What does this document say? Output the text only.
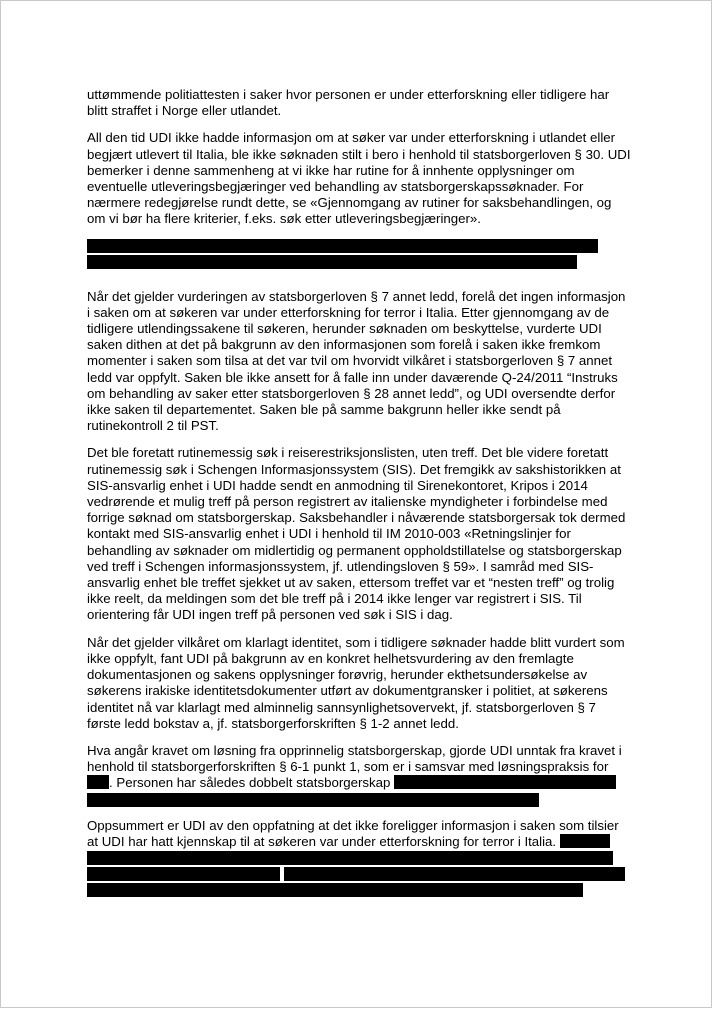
uttømmende politiattesten i saker hvor personen er under etterforskning eller tidligere har blitt straffet i Norge eller utlandet.

All den tid UDI ikke hadde informasjon om at søker var under etterforskning i utlandet eller begjært utlevert til Italia, ble ikke søknaden stilt i bero i henhold til statsborgerloven § 30. UDI bemerker i denne sammenheng at vi ikke har rutine for å innhente opplysninger om eventuelle utleveringsbegjæringer ved behandling av statsborgerskapssøknader. For nærmere redegjørelse rundt dette, se «Gjennomgang av rutiner for saksbehandlingen, og om vi bør ha flere kriterier, f.eks. søk etter utleveringsbegjæringer».

Når det gjelder vurderingen av statsborgerloven § 7 annet ledd, forelå det ingen informasjon i saken om at søkeren var under etterforskning for terror i Italia. Etter gjennomgang av de tidligere utlendingssakene til søkeren, herunder søknaden om beskyttelse, vurderte UDI saken dithen at det på bakgrunn av den informasjonen som forelå i saken ikke fremkom momenter i saken som tilsa at det var tvil om hvorvidt vilkåret i statsborgerloven § 7 annet ledd var oppfylt. Saken ble ikke ansett for å falle inn under daværende Q-24/2011 “Instruks om behandling av saker etter statsborgerloven § 28 annet ledd”, og UDI oversendte derfor ikke saken til departementet. Saken ble på samme bakgrunn heller ikke sendt på rutinekontroll 2 til PST.

Det ble foretatt rutinemessig søk i reiserestriksjonslisten, uten treff. Det ble videre foretatt rutinemessig søk i Schengen Informasjonssystem (SIS). Det fremgikk av sakshistorikken at SIS-ansvarlig enhet i UDI hadde sendt en anmodning til Sirenekontoret, Kripos i 2014 vedrørende et mulig treff på person registrert av italienske myndigheter i forbindelse med forrige søknad om statsborgerskap. Saksbehandler i nåværende statsborgersak tok dermed kontakt med SIS-ansvarlig enhet i UDI i henhold til IM 2010-003 «Retningslinjer for behandling av søknader om midlertidig og permanent oppholdstillatelse og statsborgerskap ved treff i Schengen informasjonssystem, jf. utlendingsloven § 59». I samråd med SIS-ansvarlig enhet ble treffet sjekket ut av saken, ettersom treffet var et “nesten treff” og trolig ikke reelt, da meldingen som det ble treff på i 2014 ikke lenger var registrert i SIS. Til orientering får UDI ingen treff på personen ved søk i SIS i dag.

Når det gjelder vilkåret om klarlagt identitet, som i tidligere søknader hadde blitt vurdert som ikke oppfylt, fant UDI på bakgrunn av en konkret helhetsvurdering av den fremlagte dokumentasjonen og sakens opplysninger forøvrig, herunder ekthetsundersøkelse av søkerens irakiske identitetsdokumenter utført av dokumentgransker i politiet, at søkerens identitet nå var klarlagt med alminnelig sannsynlighetsovervekt, jf. statsborgerloven § 7 første ledd bokstav a, jf. statsborgerforskriften § 1-2 annet ledd.

Hva angår kravet om løsning fra opprinnelig statsborgerskap, gjorde UDI unntak fra kravet i henhold til statsborgerforskriften § 6-1 punkt 1, som er i samsvar med løsningspraksis for . Personen har således dobbelt statsborgerskap
Oppsummert er UDI av den oppfatning at det ikke foreligger informasjon i saken som tilsier at UDI har hatt kjennskap til at søkeren var under etterforskning for terror i Italia.
